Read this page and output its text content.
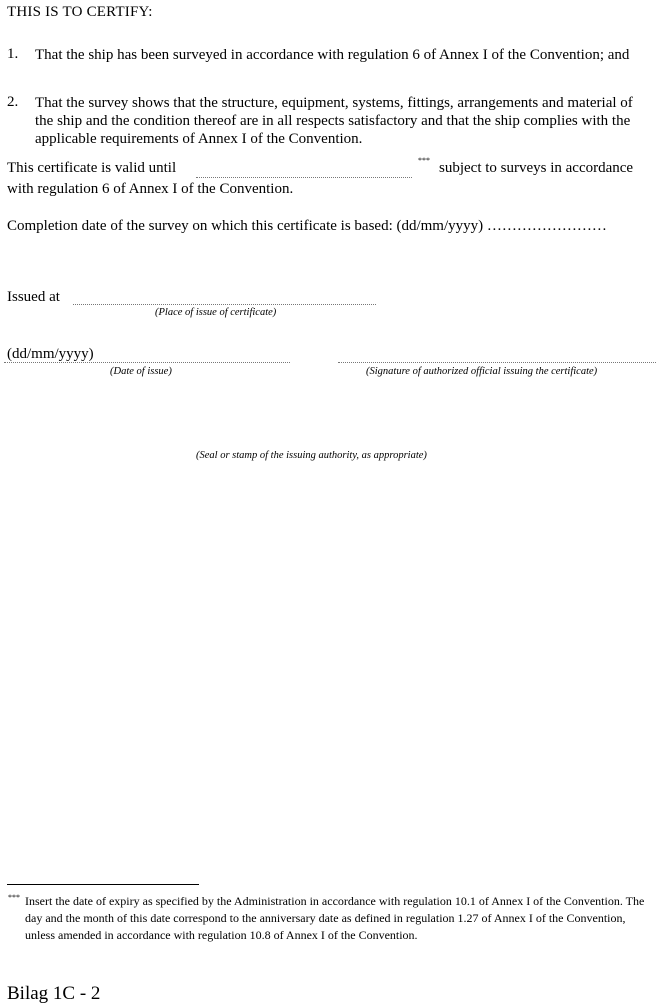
THIS IS TO CERTIFY:
1. That the ship has been surveyed in accordance with regulation 6 of Annex I of the Convention; and
2. That the survey shows that the structure, equipment, systems, fittings, arrangements and material of the ship and the condition thereof are in all respects satisfactory and that the ship complies with the applicable requirements of Annex I of the Convention.
This certificate is valid until	*** subject to surveys in accordance
with regulation 6 of Annex I of the Convention.
Completion date of the survey on which this certificate is based: (dd/mm/yyyy) ……………………
Issued at
(Place of issue of certificate)
(dd/mm/yyyy)
(Date of issue)	(Signature of authorized official issuing the certificate)
(Seal or stamp of the issuing authority, as appropriate)
*** Insert the date of expiry as specified by the Administration in accordance with regulation 10.1 of Annex I of the Convention. The day and the month of this date correspond to the anniversary date as defined in regulation 1.27 of Annex I of the Convention, unless amended in accordance with regulation 10.8 of Annex I of the Convention.
Bilag 1C - 2
